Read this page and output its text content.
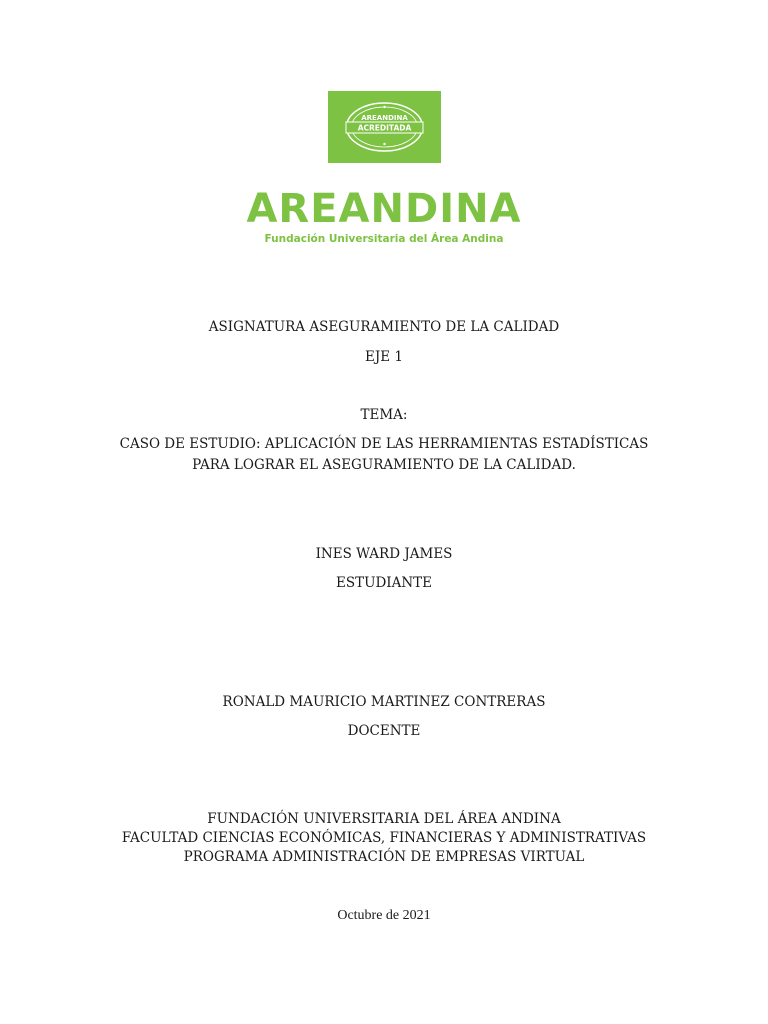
AREANDINA
ACREDITADA
AREANDINA
Fundación Universitaria del Área Andina
ASIGNATURA ASEGURAMIENTO DE LA CALIDAD
EJE 1
TEMA:
CASO DE ESTUDIO: APLICACIÓN DE LAS HERRAMIENTAS ESTADÍSTICAS
PARA LOGRAR EL ASEGURAMIENTO DE LA CALIDAD.
INES WARD JAMES
ESTUDIANTE
RONALD MAURICIO MARTINEZ CONTRERAS
DOCENTE
FUNDACIÓN UNIVERSITARIA DEL ÁREA ANDINA
FACULTAD CIENCIAS ECONÓMICAS, FINANCIERAS Y ADMINISTRATIVAS
PROGRAMA ADMINISTRACIÓN DE EMPRESAS VIRTUAL
Octubre de 2021
